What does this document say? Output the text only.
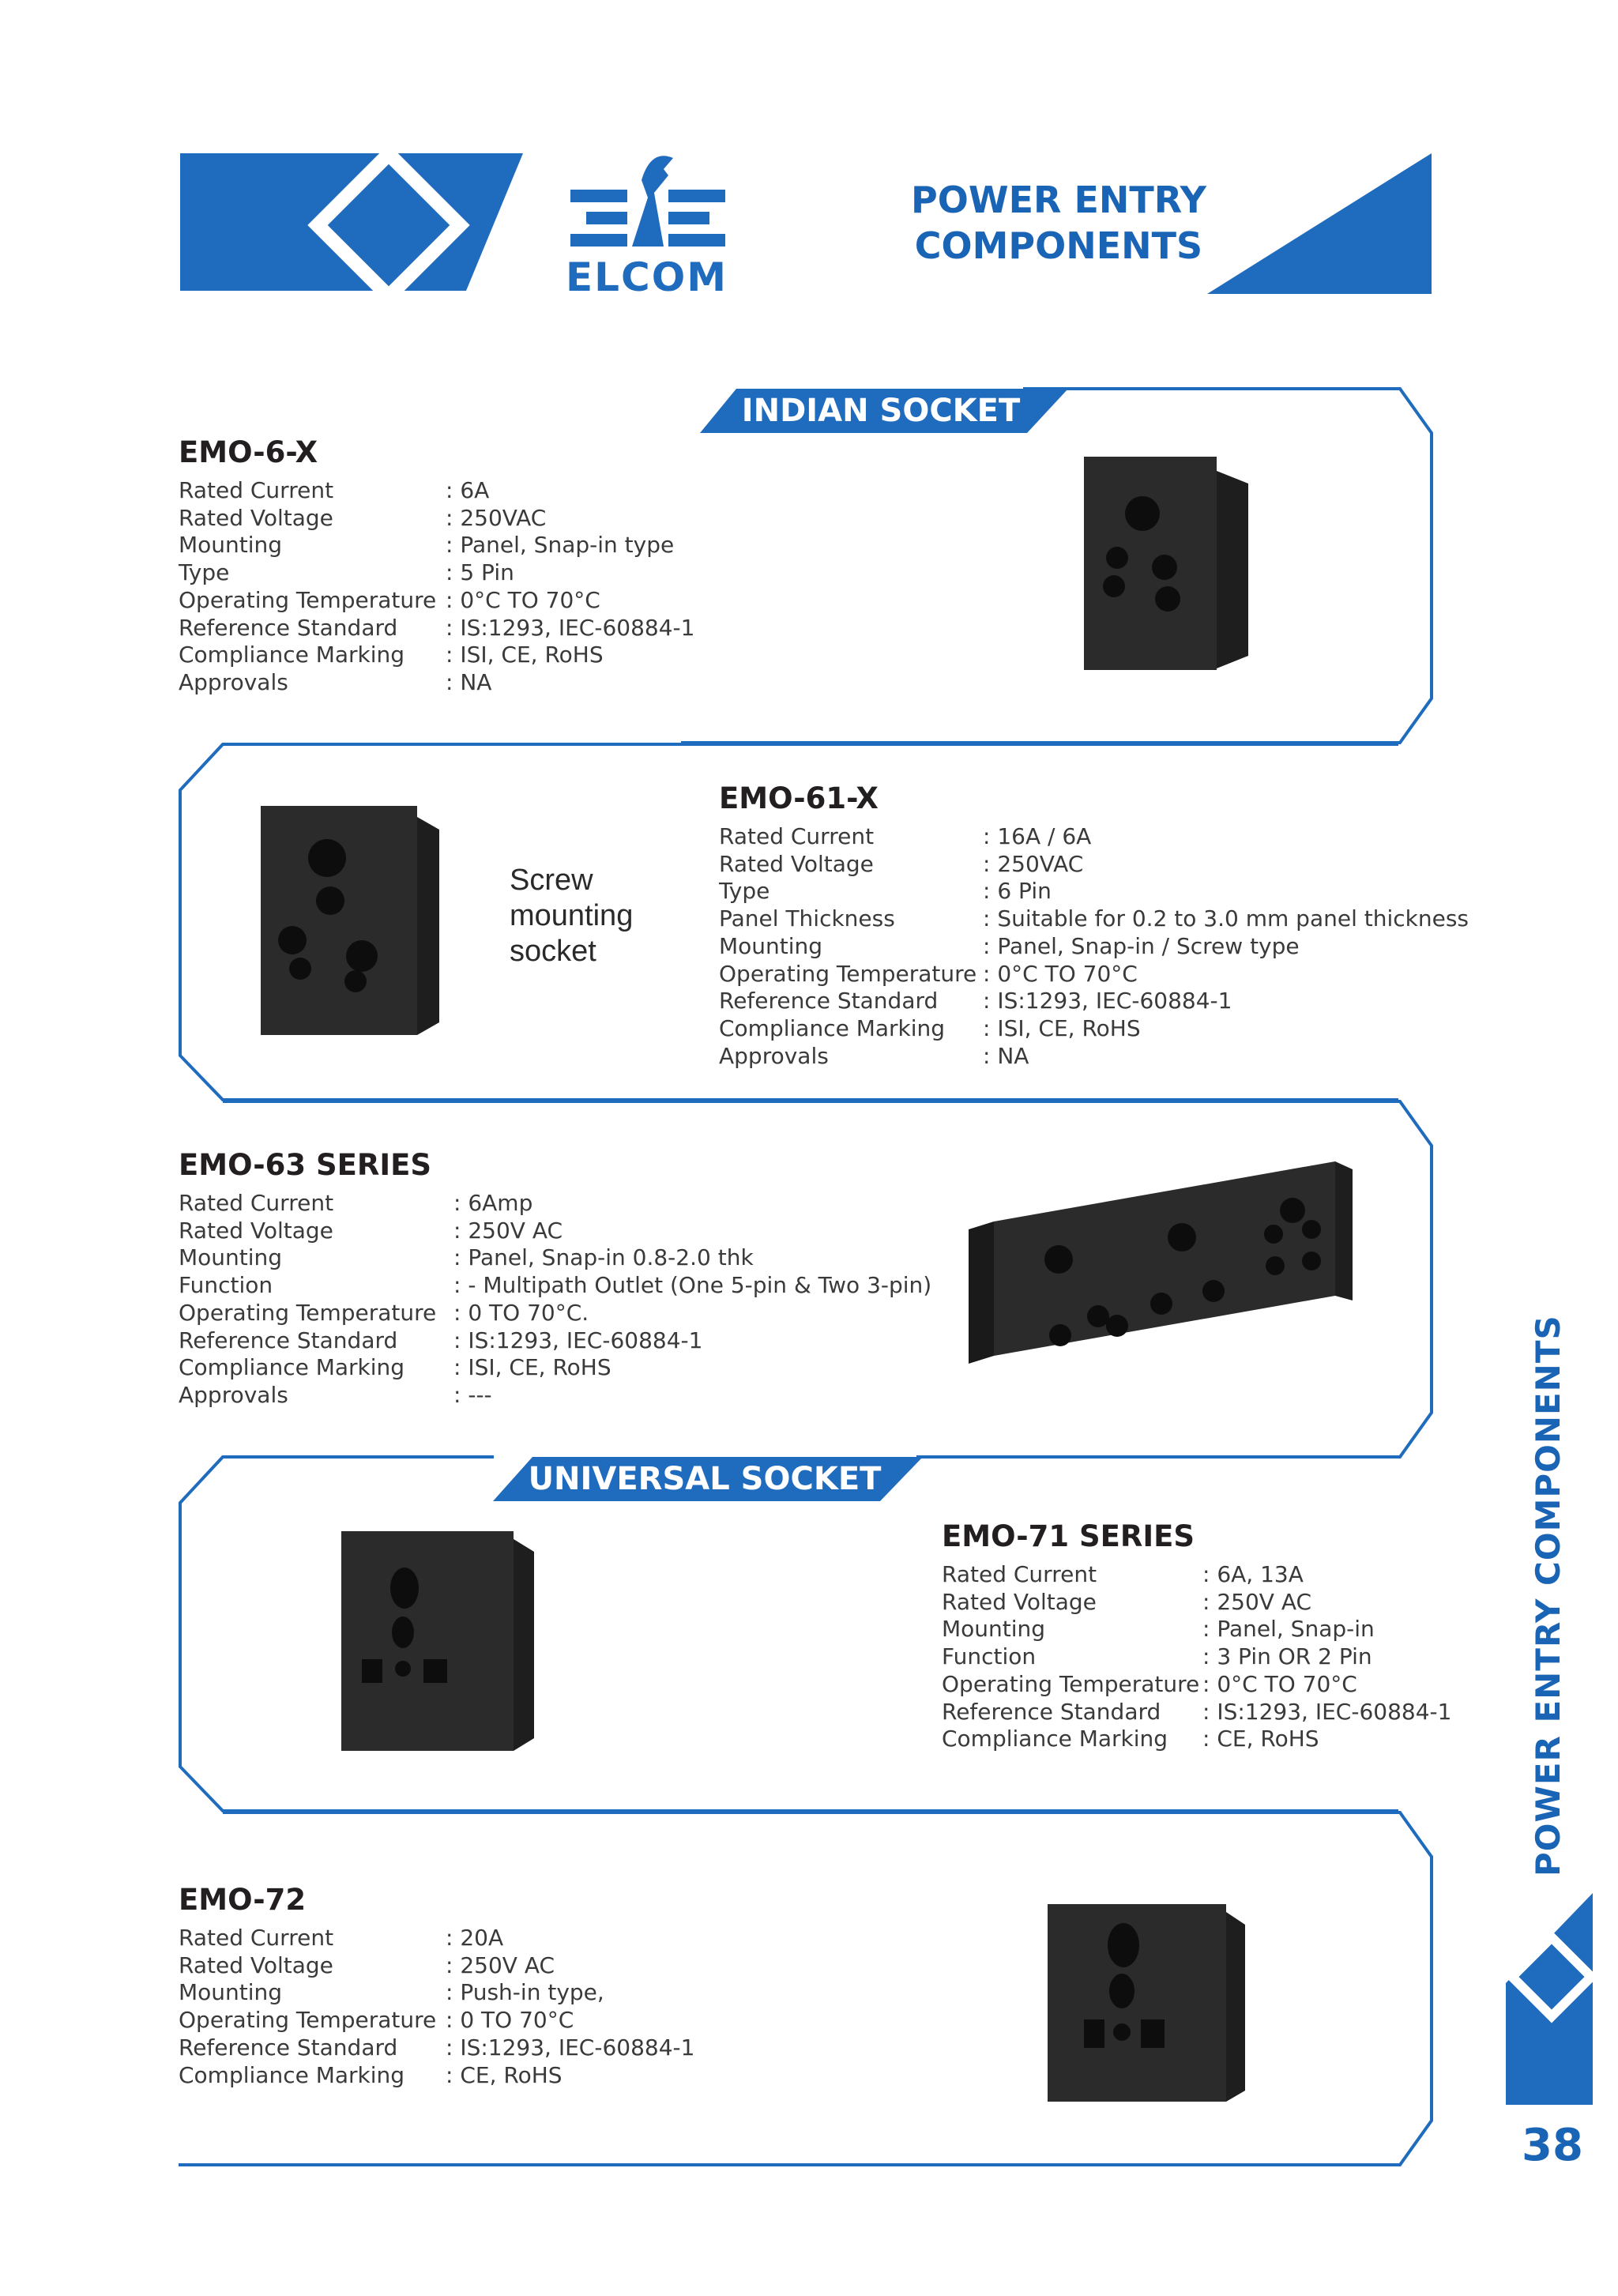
ELCOM
POWER ENTRY
COMPONENTS
INDIAN SOCKET
UNIVERSAL SOCKET
EMO-6-X
Rated Current	: 6A
Rated Voltage	: 250VAC
Mounting	: Panel, Snap-in type
Type	: 5 Pin
Operating Temperature : 0°C TO 70°C
Reference Standard	: IS:1293, IEC-60884-1
Compliance Marking	: ISI, CE, RoHS
Approvals	: NA
EMO-61-X
Rated Current	: 16A / 6A
Rated Voltage	: 250VAC
Type	: 6 Pin
Panel Thickness	: Suitable for 0.2 to 3.0 mm panel thickness
Mounting	: Panel, Snap-in / Screw type
Operating Temperature : 0°C TO 70°C
Reference Standard	: IS:1293, IEC-60884-1
Compliance Marking	: ISI, CE, RoHS
Approvals	: NA
Screw mounting socket
EMO-63 SERIES
Rated Current	: 6Amp
Rated Voltage	: 250V AC
Mounting	: Panel, Snap-in 0.8-2.0 thk
Function	: - Multipath Outlet (One 5-pin & Two 3-pin)
Operating Temperature : 0 TO 70°C.
Reference Standard	: IS:1293, IEC-60884-1
Compliance Marking	: ISI, CE, RoHS
Approvals	: ---
EMO-71 SERIES
Rated Current	: 6A, 13A
Rated Voltage	: 250V AC
Mounting	: Panel, Snap-in
Function	: 3 Pin OR 2 Pin
Operating Temperature : 0°C TO 70°C
Reference Standard	: IS:1293, IEC-60884-1
Compliance Marking	: CE, RoHS
EMO-72
Rated Current	: 20A
Rated Voltage	: 250V AC
Mounting	: Push-in type,
Operating Temperature : 0 TO 70°C
Reference Standard	: IS:1293, IEC-60884-1
Compliance Marking	: CE, RoHS
POWER ENTRY COMPONENTS
38
